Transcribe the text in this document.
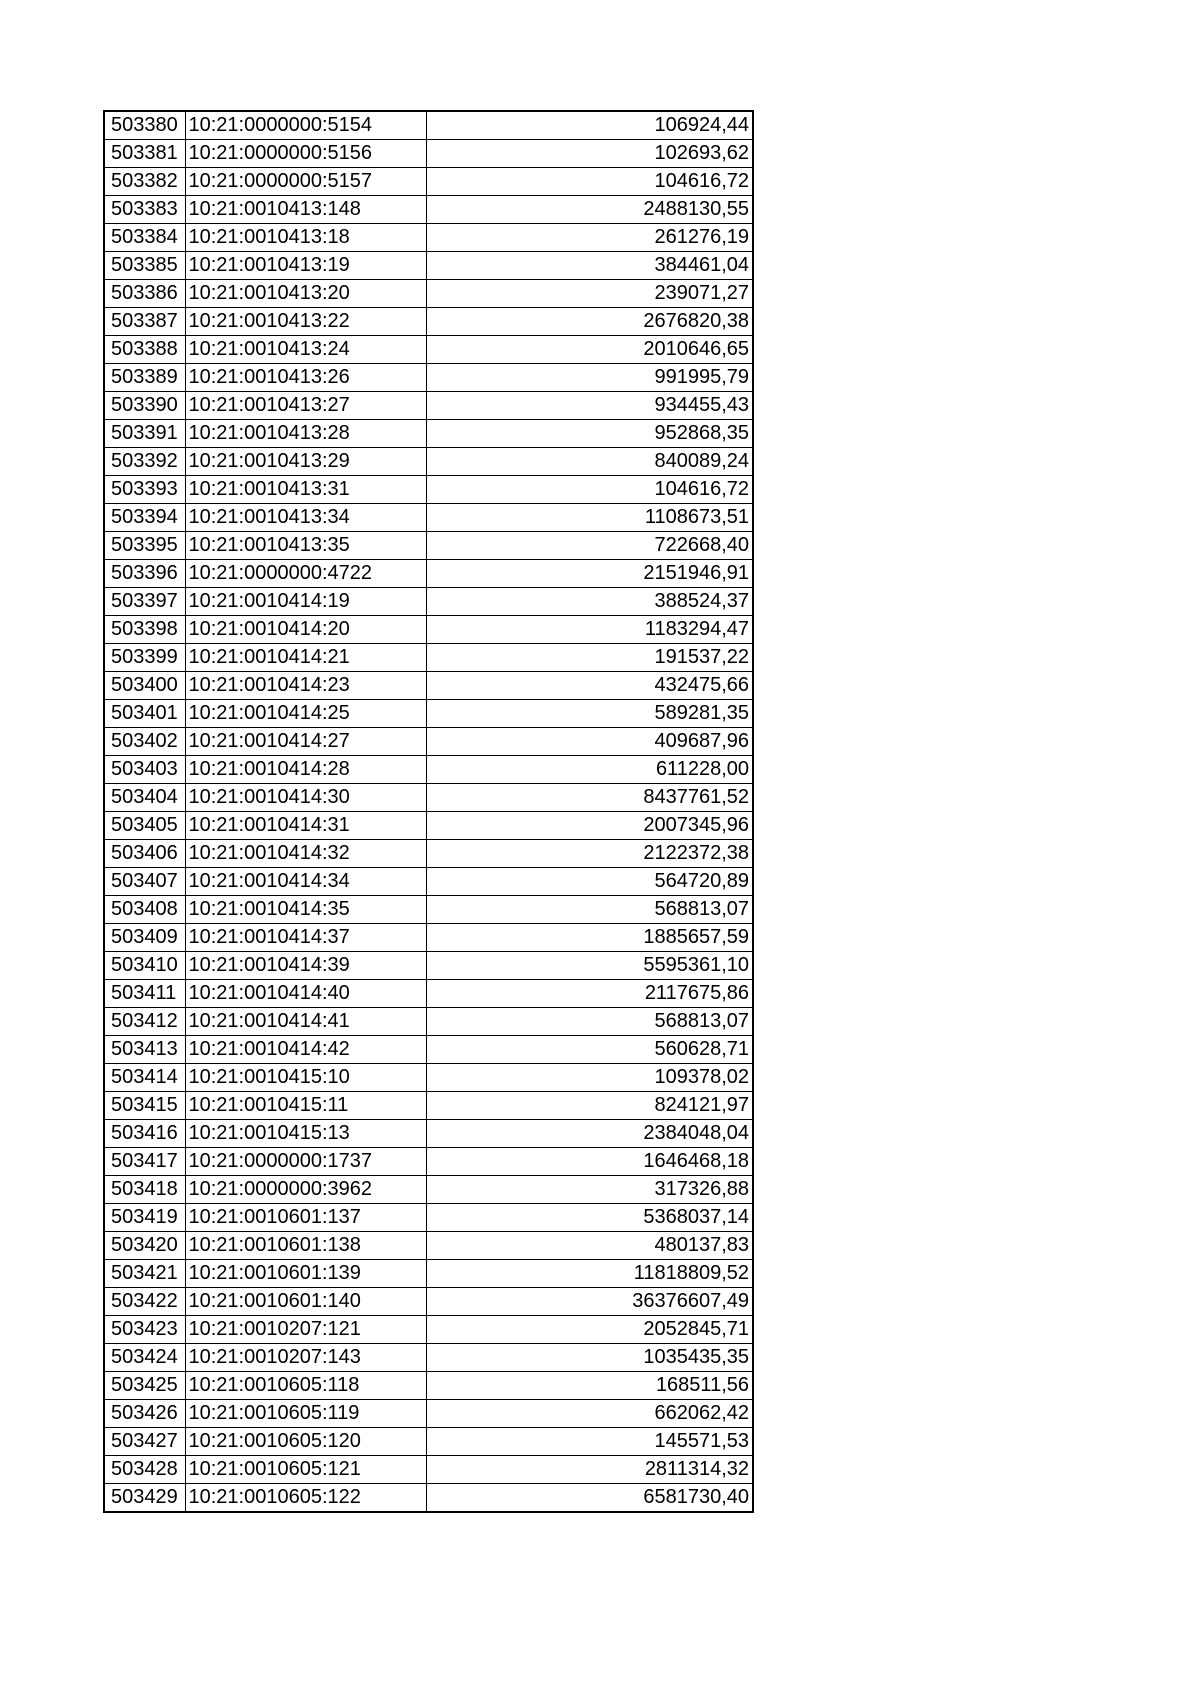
503380	10:21:0000000:5154	106924,44
503381	10:21:0000000:5156	102693,62
503382	10:21:0000000:5157	104616,72
503383	10:21:0010413:148	2488130,55
503384	10:21:0010413:18	261276,19
503385	10:21:0010413:19	384461,04
503386	10:21:0010413:20	239071,27
503387	10:21:0010413:22	2676820,38
503388	10:21:0010413:24	2010646,65
503389	10:21:0010413:26	991995,79
503390	10:21:0010413:27	934455,43
503391	10:21:0010413:28	952868,35
503392	10:21:0010413:29	840089,24
503393	10:21:0010413:31	104616,72
503394	10:21:0010413:34	1108673,51
503395	10:21:0010413:35	722668,40
503396	10:21:0000000:4722	2151946,91
503397	10:21:0010414:19	388524,37
503398	10:21:0010414:20	1183294,47
503399	10:21:0010414:21	191537,22
503400	10:21:0010414:23	432475,66
503401	10:21:0010414:25	589281,35
503402	10:21:0010414:27	409687,96
503403	10:21:0010414:28	611228,00
503404	10:21:0010414:30	8437761,52
503405	10:21:0010414:31	2007345,96
503406	10:21:0010414:32	2122372,38
503407	10:21:0010414:34	564720,89
503408	10:21:0010414:35	568813,07
503409	10:21:0010414:37	1885657,59
503410	10:21:0010414:39	5595361,10
503411	10:21:0010414:40	2117675,86
503412	10:21:0010414:41	568813,07
503413	10:21:0010414:42	560628,71
503414	10:21:0010415:10	109378,02
503415	10:21:0010415:11	824121,97
503416	10:21:0010415:13	2384048,04
503417	10:21:0000000:1737	1646468,18
503418	10:21:0000000:3962	317326,88
503419	10:21:0010601:137	5368037,14
503420	10:21:0010601:138	480137,83
503421	10:21:0010601:139	11818809,52
503422	10:21:0010601:140	36376607,49
503423	10:21:0010207:121	2052845,71
503424	10:21:0010207:143	1035435,35
503425	10:21:0010605:118	168511,56
503426	10:21:0010605:119	662062,42
503427	10:21:0010605:120	145571,53
503428	10:21:0010605:121	2811314,32
503429	10:21:0010605:122	6581730,40
